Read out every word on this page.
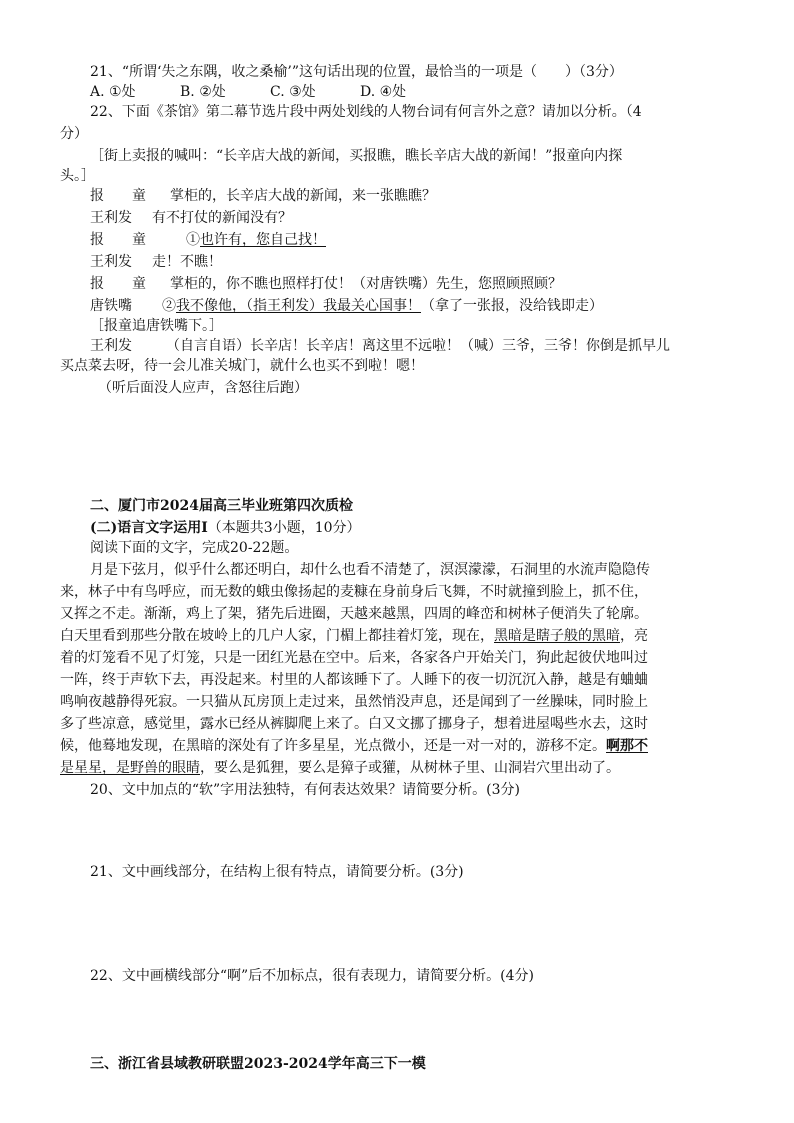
21、“所谓‘失之东隅，收之桑榆’”这句话出现的位置，最恰当的一项是（　　）（3分）
A. ①处	B. ②处	C. ③处	D. ④处
22、下面《茶馆》第二幕节选片段中两处划线的人物台词有何言外之意？请加以分析。（4
分）
［街上卖报的喊叫：“长辛店大战的新闻，买报瞧，瞧长辛店大战的新闻！”报童向内探
头。］
报　　童 掌柜的，长辛店大战的新闻，来一张瞧瞧？
王利发 有不打仗的新闻没有？
报　　童	①也许有，您自己找！
王利发 走！不瞧！
报　　童 掌柜的，你不瞧也照样打仗！（对唐铁嘴）先生，您照顾照顾？
唐铁嘴 ②我不像他，（指王利发）我最关心国事！（拿了一张报，没给钱即走）
［报童追唐铁嘴下。］
王利发 （自言自语）长辛店！长辛店！离这里不远啦！（喊）三爷，三爷！你倒是抓早儿
买点菜去呀，待一会儿准关城门，就什么也买不到啦！嗯！
（听后面没人应声，含怒往后跑）
二、厦门市2024届高三毕业班第四次质检
(二)语言文字运用Ⅰ（本题共3小题，10分）
阅读下面的文字，完成20-22题。
月是下弦月，似乎什么都还明白，却什么也看不清楚了，溟溟濛濛，石洞里的水流声隐隐传
来，林子中有鸟呼应，而无数的蛾虫像扬起的麦糠在身前身后飞舞，不时就撞到脸上，抓不住，
又挥之不走。渐渐，鸡上了架，猪先后进圈，天越来越黑，四周的峰峦和树林子便消失了轮廓。
白天里看到那些分散在坡岭上的几户人家，门楣上都挂着灯笼，现在，黑暗是瞎子般的黑暗，亮
着的灯笼看不见了灯笼，只是一团红光悬在空中。后来，各家各户开始关门，狗此起彼伏地叫过
一阵，终于声软下去，再没起来。村里的人都该睡下了。人睡下的夜一切沉沉入静，越是有蛐蛐
鸣响夜越静得死寂。一只猫从瓦房顶上走过来，虽然悄没声息，还是闻到了一丝臊味，同时脸上
多了些凉意，感觉里，露水已经从裤脚爬上来了。白又文挪了挪身子，想着进屋喝些水去，这时
候，他蓦地发现，在黑暗的深处有了许多星星，光点微小，还是一对一对的，游移不定。啊那不
是星星，是野兽的眼睛，要么是狐狸，要么是獐子或獾，从树林子里、山洞岩穴里出动了。
20、文中加点的“软”字用法独特，有何表达效果？请简要分析。(3分)
21、文中画线部分，在结构上很有特点，请简要分析。(3分)
22、文中画横线部分“啊”后不加标点，很有表现力，请简要分析。(4分)
三、浙江省县域教研联盟2023-2024学年高三下一模
